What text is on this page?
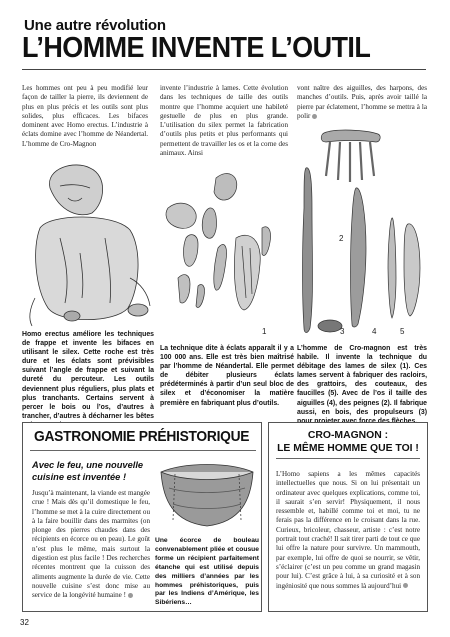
Une autre révolution
L’HOMME INVENTE L’OUTIL
Les hommes ont peu à peu modifié leur façon de tailler la pierre, ils deviennent de plus en plus précis et les outils sont plus solides, plus efficaces. Les bifaces dominent avec Homo erectus. L’industrie à éclats domine avec l’homme de Néandertal. L’homme de Cro-Magnon
invente l’industrie à lames. Cette évolution dans les techniques de taille des outils montre que l’homme acquiert une habileté gestuelle de plus en plus grande. L’utilisation du silex permet la fabrication d’outils plus petits et plus performants qui permettent de travailler les os et la corne des animaux. Ainsi
vont naître des aiguilles, des harpons, des manches d’outils. Puis, après avoir taillé la pierre par éclatement, l’homme se mettra à la polir
1
2
3	4	5
Homo erectus améliore les techniques de frappe et invente les bifaces en utilisant le silex. Cette roche est très dure et les éclats sont prévisibles suivant l’angle de frappe et suivant la dureté du percuteur. Les outils deviennent plus réguliers, plus plats et plus tranchants. Certains servent à percer le bois ou l’os, d’autres à trancher, d’autres à décharner les bêtes
La technique dite à éclats apparaît il y a 100 000 ans. Elle est très bien maîtrisé par l’homme de Néandertal. Elle permet de débiter plusieurs éclats prédéterminés à partir d’un seul bloc de silex et d’économiser la matière première en fabriquant plus d’outils.
L’homme de Cro-magnon est très habile. Il invente la technique du débitage des lames de silex (1). Ces lames servent à fabriquer des racloirs, des grattoirs, des couteaux, des faucilles (5). Avec de l’os il taille des aiguilles (4), des peignes (2). Il fabrique aussi, en bois, des propulseurs (3)
GASTRONOMIE PRÉHISTORIQUE
Avec le feu, une nouvelle
cuisine est inventée !
Jusqu’à maintenant, la viande est mangée crue ! Mais dès qu’il domestique le feu, l’homme se met à la cuire directement ou à la faire bouillir dans des marmites (on plonge des pierres chaudes dans des récipients en écorce ou en peau). Le goût n’est plus le même, mais surtout la digestion est plus facile ! Des recherches récentes montrent que la cuisson des aliments augmente la durée de vie. Cette nouvelle cuisine s’est donc mise au service de la longévité humaine !
Une écorce de bouleau convenablement pliée et cousue forme un récipient parfaitement étanche qui est utilisé depuis des milliers d’années par les hommes préhistoriques, puis par les Indiens d’Amérique, les Sibériens…
CRO-MAGNON :
LE MÊME HOMME QUE TOI !
L’Homo sapiens a les mêmes capacités intellectuelles que nous. Si on lui présentait un ordinateur avec quelques explications, comme toi, il saurait s’en servir! Physiquement, il nous ressemble et, habillé comme toi et moi, tu ne ferais pas la différence en le croisant dans la rue. Curieux, bricoleur, chasseur, artiste : c’est notre portrait tout craché! Il sait tirer parti de tout ce que lui offre la nature pour survivre. Un mammouth, par exemple, lui offre de quoi se nourrir, se vêtir, s’éclairer (c’est un peu comme un grand magasin pour lui). C’est grâce à lui, à sa curiosité et à son ingéniosité que nous sommes là aujourd’hui
32
